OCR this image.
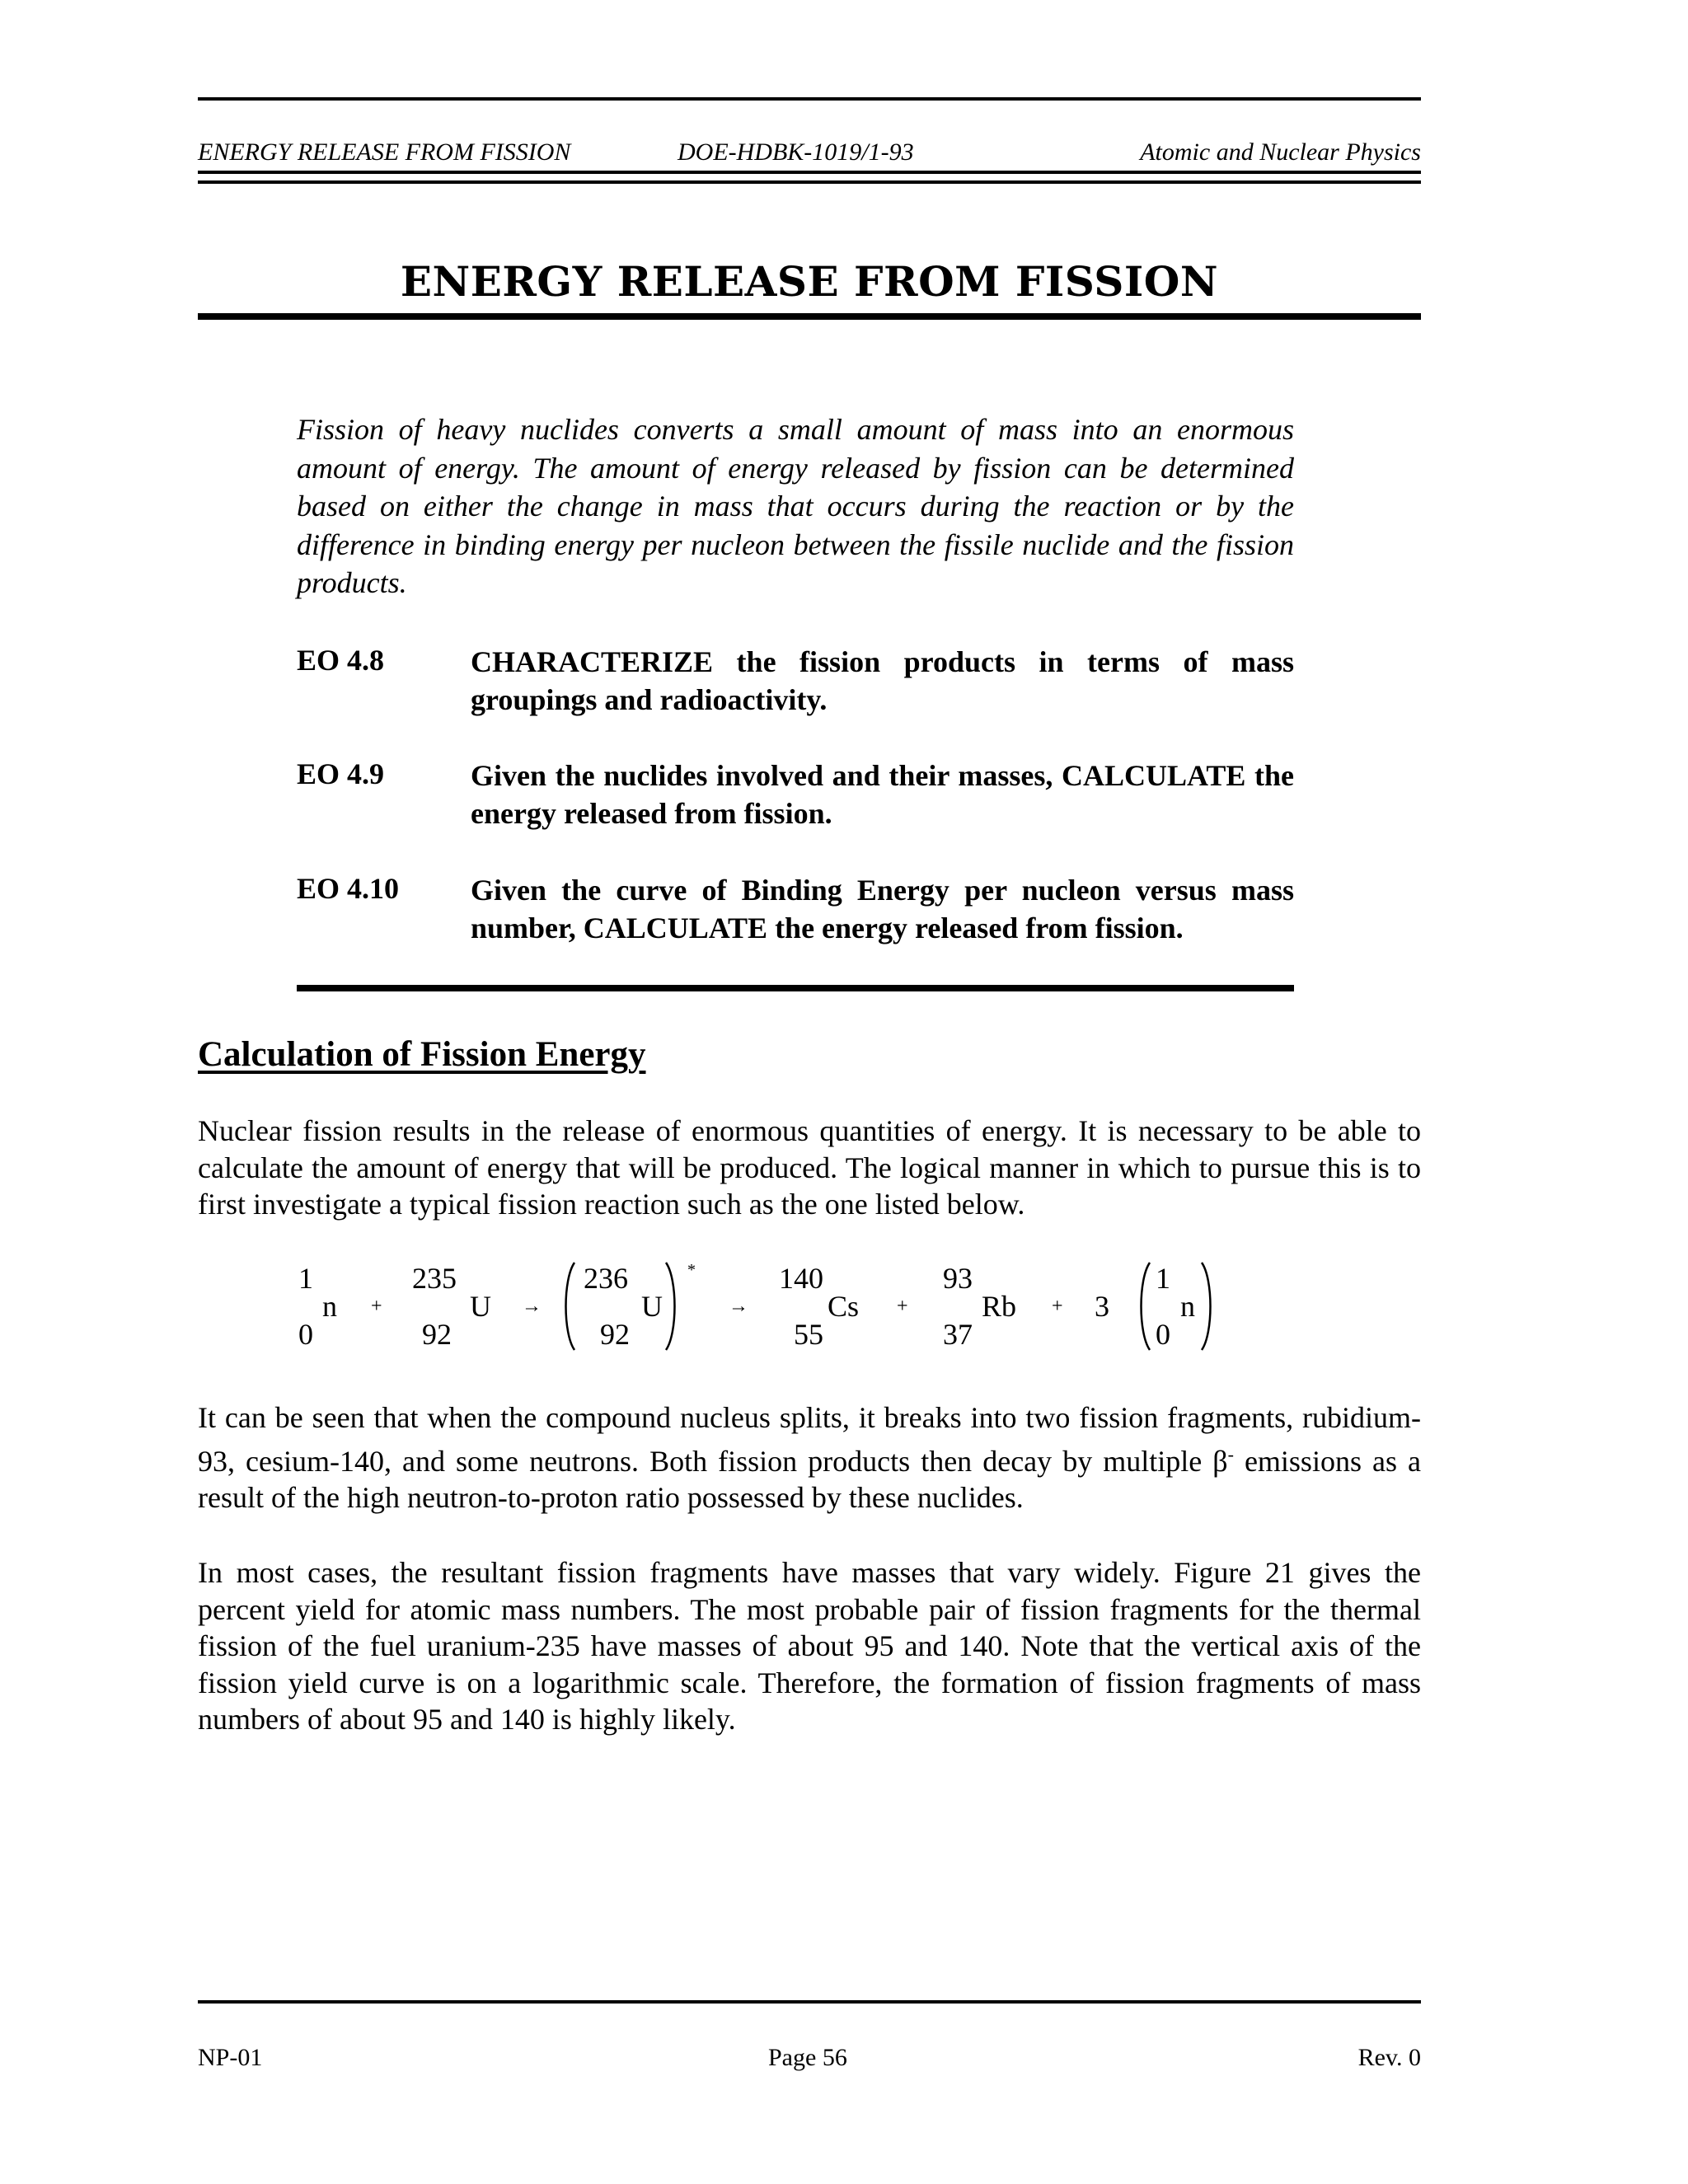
ENERGY RELEASE FROM FISSION	DOE-HDBK-1019/1-93	Atomic and Nuclear Physics
ENERGY RELEASE FROM FISSION

Fission of heavy nuclides converts a small amount of mass into an enormous amount of energy. The amount of energy released by fission can be determined based on either the change in mass that occurs during the reaction or by the difference in binding energy per nucleon between the fissile nuclide and the fission products.

EO 4.8	CHARACTERIZE the fission products in terms of mass groupings and radioactivity.
EO 4.9	Given the nuclides involved and their masses, CALCULATE the energy released from fission.
EO 4.10 Given the curve of Binding Energy per nucleon versus mass number, CALCULATE the energy released from fission.
Calculation of Fission Energy

Nuclear fission results in the release of enormous quantities of energy. It is necessary to be able to calculate the amount of energy that will be produced. The logical manner in which to pursue this is to first investigate a typical fission reaction such as the one listed below.

1
n
0
+
235
U
92
→
236
U
92
*
→
140
Cs
55
+
93
Rb
37
+ 3
1
n
0

It can be seen that when the compound nucleus splits, it breaks into two fission fragments, rubidium-93, cesium-140, and some neutrons. Both fission products then decay by multiple β- emissions as a result of the high neutron-to-proton ratio possessed by these nuclides.

In most cases, the resultant fission fragments have masses that vary widely. Figure 21 gives the percent yield for atomic mass numbers. The most probable pair of fission fragments for the thermal fission of the fuel uranium-235 have masses of about 95 and 140. Note that the vertical axis of the fission yield curve is on a logarithmic scale. Therefore, the formation of fission fragments of mass numbers of about 95 and 140 is highly likely.

NP-01	Page 56	Rev. 0
